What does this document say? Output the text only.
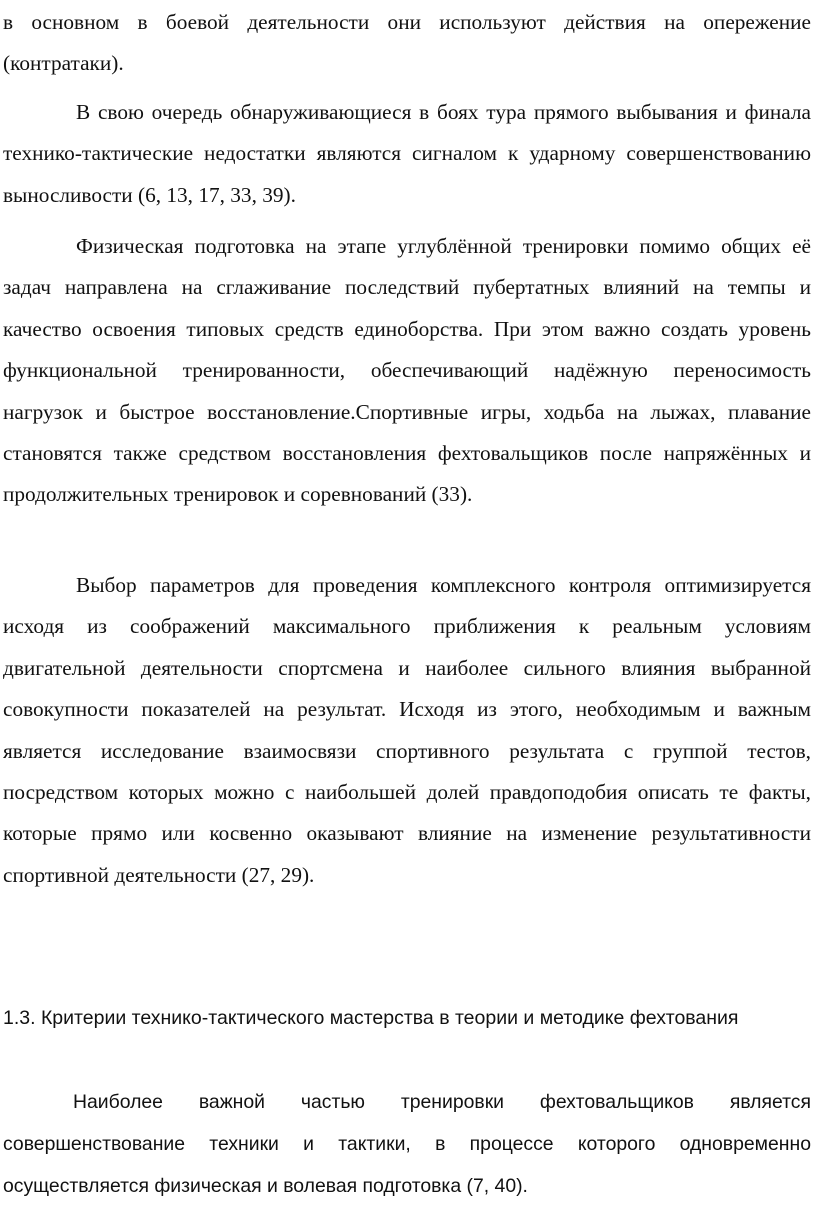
в основном в боевой деятельности они используют действия на опережение (контратаки).

В свою очередь обнаруживающиеся в боях тура прямого выбывания и финала технико-тактические недостатки являются сигналом к ударному совершенствованию выносливости (6, 13, 17, 33, 39).

Физическая подготовка на этапе углублённой тренировки помимо общих её задач направлена на сглаживание последствий пубертатных влияний на темпы и качество освоения типовых средств единоборства. При этом важно создать уровень функциональной тренированности, обеспечивающий надёжную переносимость нагрузок и быстрое восстановление.Спортивные игры, ходьба на лыжах, плавание становятся также средством восстановления фехтовальщиков после напряжённых и продолжительных тренировок и соревнований (33).

Выбор параметров для проведения комплексного контроля оптимизируется исходя из соображений максимального приближения к реальным условиям двигательной деятельности спортсмена и наиболее сильного влияния выбранной совокупности показателей на результат. Исходя из этого, необходимым и важным является исследование взаимосвязи спортивного результата с группой тестов, посредством которых можно с наибольшей долей правдоподобия описать те факты, которые прямо или косвенно оказывают влияние на изменение результативности спортивной деятельности (27, 29).

1.3. Критерии технико-тактического мастерства в теории и методике фехтования

Наиболее важной частью тренировки фехтовальщиков является совершенствование техники и тактики, в процессе которого одновременно осуществляется физическая и волевая подготовка (7, 40).
